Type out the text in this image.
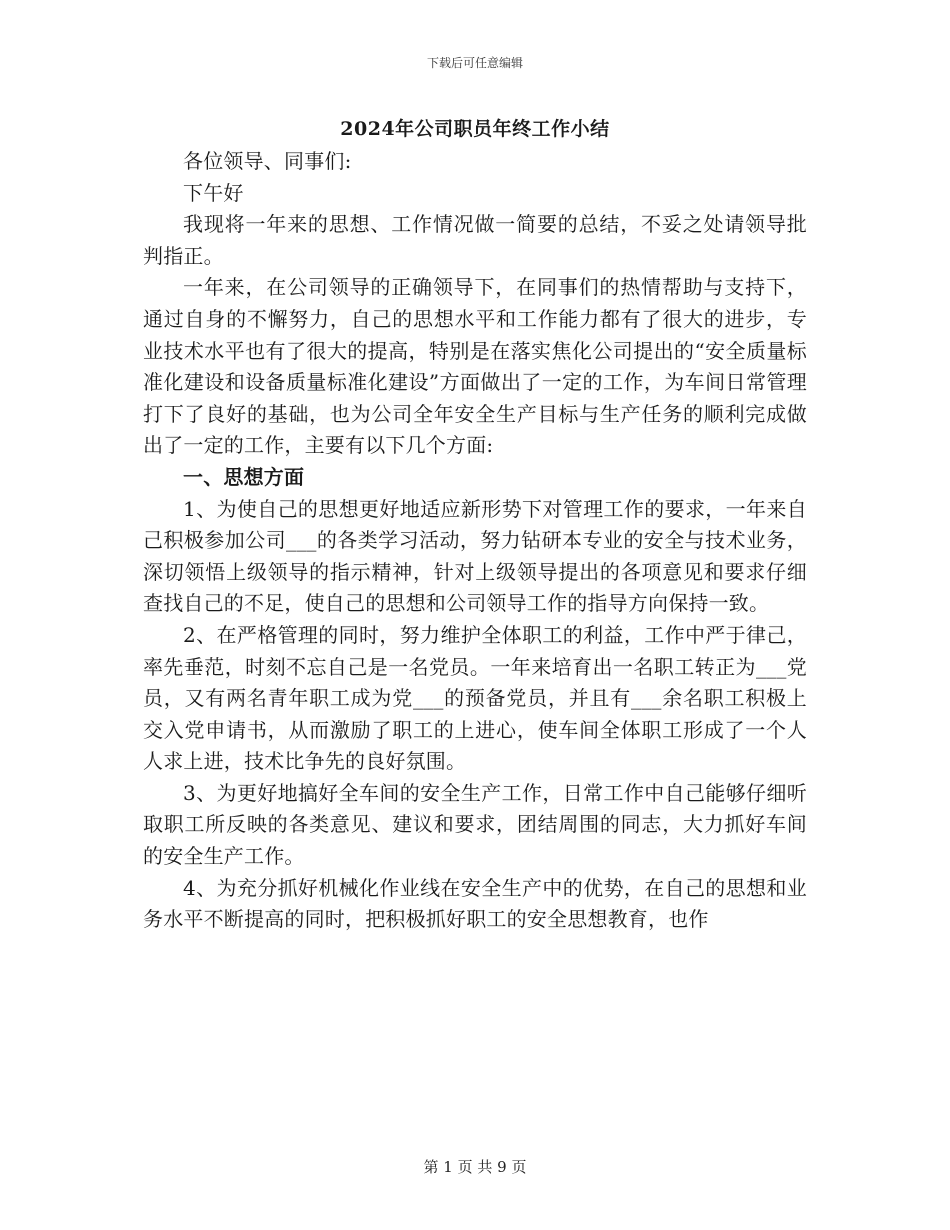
下载后可任意编辑
2024年公司职员年终工作小结

各位领导、同事们:

下午好

我现将一年来的思想、工作情况做一简要的总结，不妥之处请领导批判指正。

一年来，在公司领导的正确领导下，在同事们的热情帮助与支持下，通过自身的不懈努力，自己的思想水平和工作能力都有了很大的进步，专业技术水平也有了很大的提高，特别是在落实焦化公司提出的“安全质量标准化建设和设备质量标准化建设”方面做出了一定的工作，为车间日常管理打下了良好的基础，也为公司全年安全生产目标与生产任务的顺利完成做出了一定的工作，主要有以下几个方面:

一、思想方面

1、为使自己的思想更好地适应新形势下对管理工作的要求，一年来自己积极参加公司___的各类学习活动，努力钻研本专业的安全与技术业务，深切领悟上级领导的指示精神，针对上级领导提出的各项意见和要求仔细查找自己的不足，使自己的思想和公司领导工作的指导方向保持一致。

2、在严格管理的同时，努力维护全体职工的利益，工作中严于律己，率先垂范，时刻不忘自己是一名党员。一年来培育出一名职工转正为___党员，又有两名青年职工成为党___的预备党员，并且有___余名职工积极上交入党申请书，从而激励了职工的上进心，使车间全体职工形成了一个人人求上进，技术比争先的良好氛围。

3、为更好地搞好全车间的安全生产工作，日常工作中自己能够仔细听取职工所反映的各类意见、建议和要求，团结周围的同志，大力抓好车间的安全生产工作。

4、为充分抓好机械化作业线在安全生产中的优势，在自己的思想和业务水平不断提高的同时，把积极抓好职工的安全思想教育，也作

第 1 页 共 9 页
